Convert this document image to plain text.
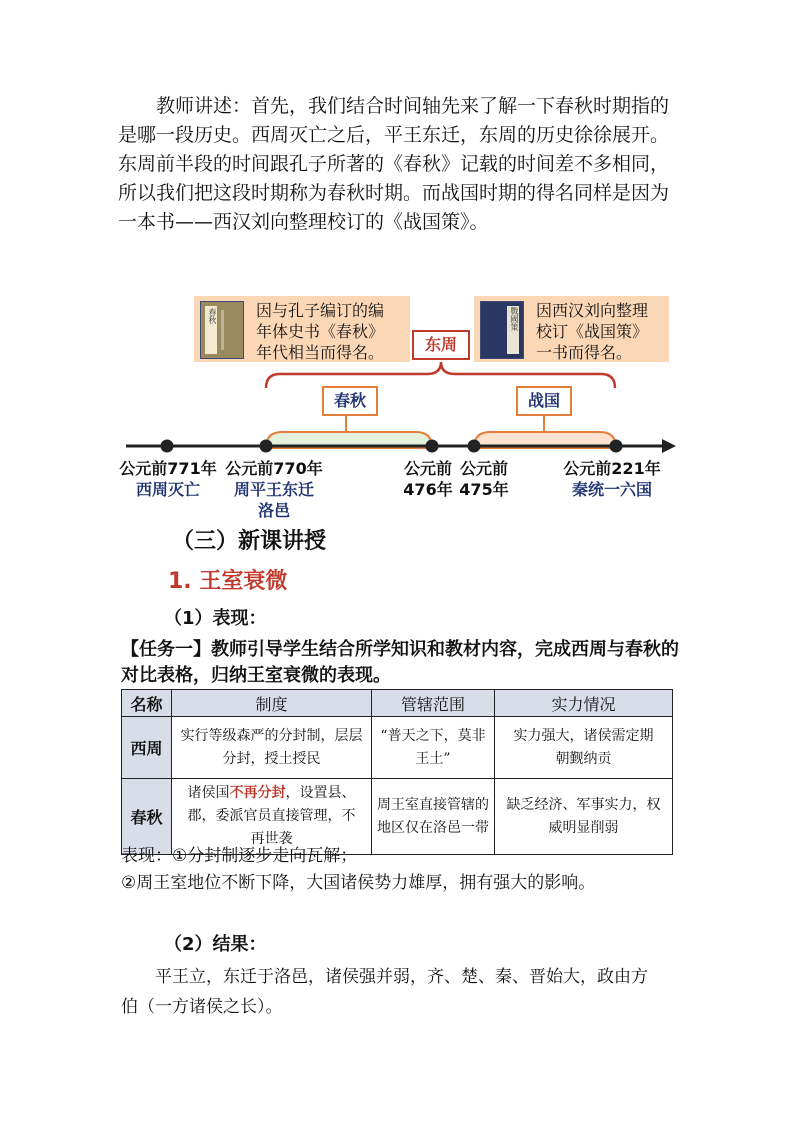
教师讲述：首先，我们结合时间轴先来了解一下春秋时期指的是哪一段历史。西周灭亡之后，平王东迁，东周的历史徐徐展开。东周前半段的时间跟孔子所著的《春秋》记载的时间差不多相同，所以我们把这段时期称为春秋时期。而战国时期的得名同样是因为一本书——西汉刘向整理校订的《战国策》。

春秋 因与孔子编订的编
年体史书《春秋》
年代相当而得名。
戰國策 因西汉刘向整理
校订《战国策》
一书而得名。
东周
春秋	战国
公元前771年
西周灭亡
公元前770年
周平王东迁
洛邑
公元前
476年
公元前
475年
公元前221年
秦统一六国
（三）新课讲授
1. 王室衰微
（1）表现：

【任务一】教师引导学生结合所学知识和教材内容，完成西周与春秋的对比表格，归纳王室衰微的表现。

名称	制度	管辖范围	实力情况
西周	实行等级森严的分封制，层层分封，授土授民	“普天之下，莫非王土”	实力强大，诸侯需定期朝觐纳贡
春秋	诸侯国不再分封，设置县、郡，委派官员直接管理，不再世袭	周王室直接管辖的地区仅在洛邑一带	缺乏经济、军事实力，权威明显削弱

表现：①分封制逐步走向瓦解；

②周王室地位不断下降，大国诸侯势力雄厚，拥有强大的影响。

（2）结果：

平王立，东迁于洛邑，诸侯强并弱，齐、楚、秦、晋始大，政由方伯（一方诸侯之长）。
